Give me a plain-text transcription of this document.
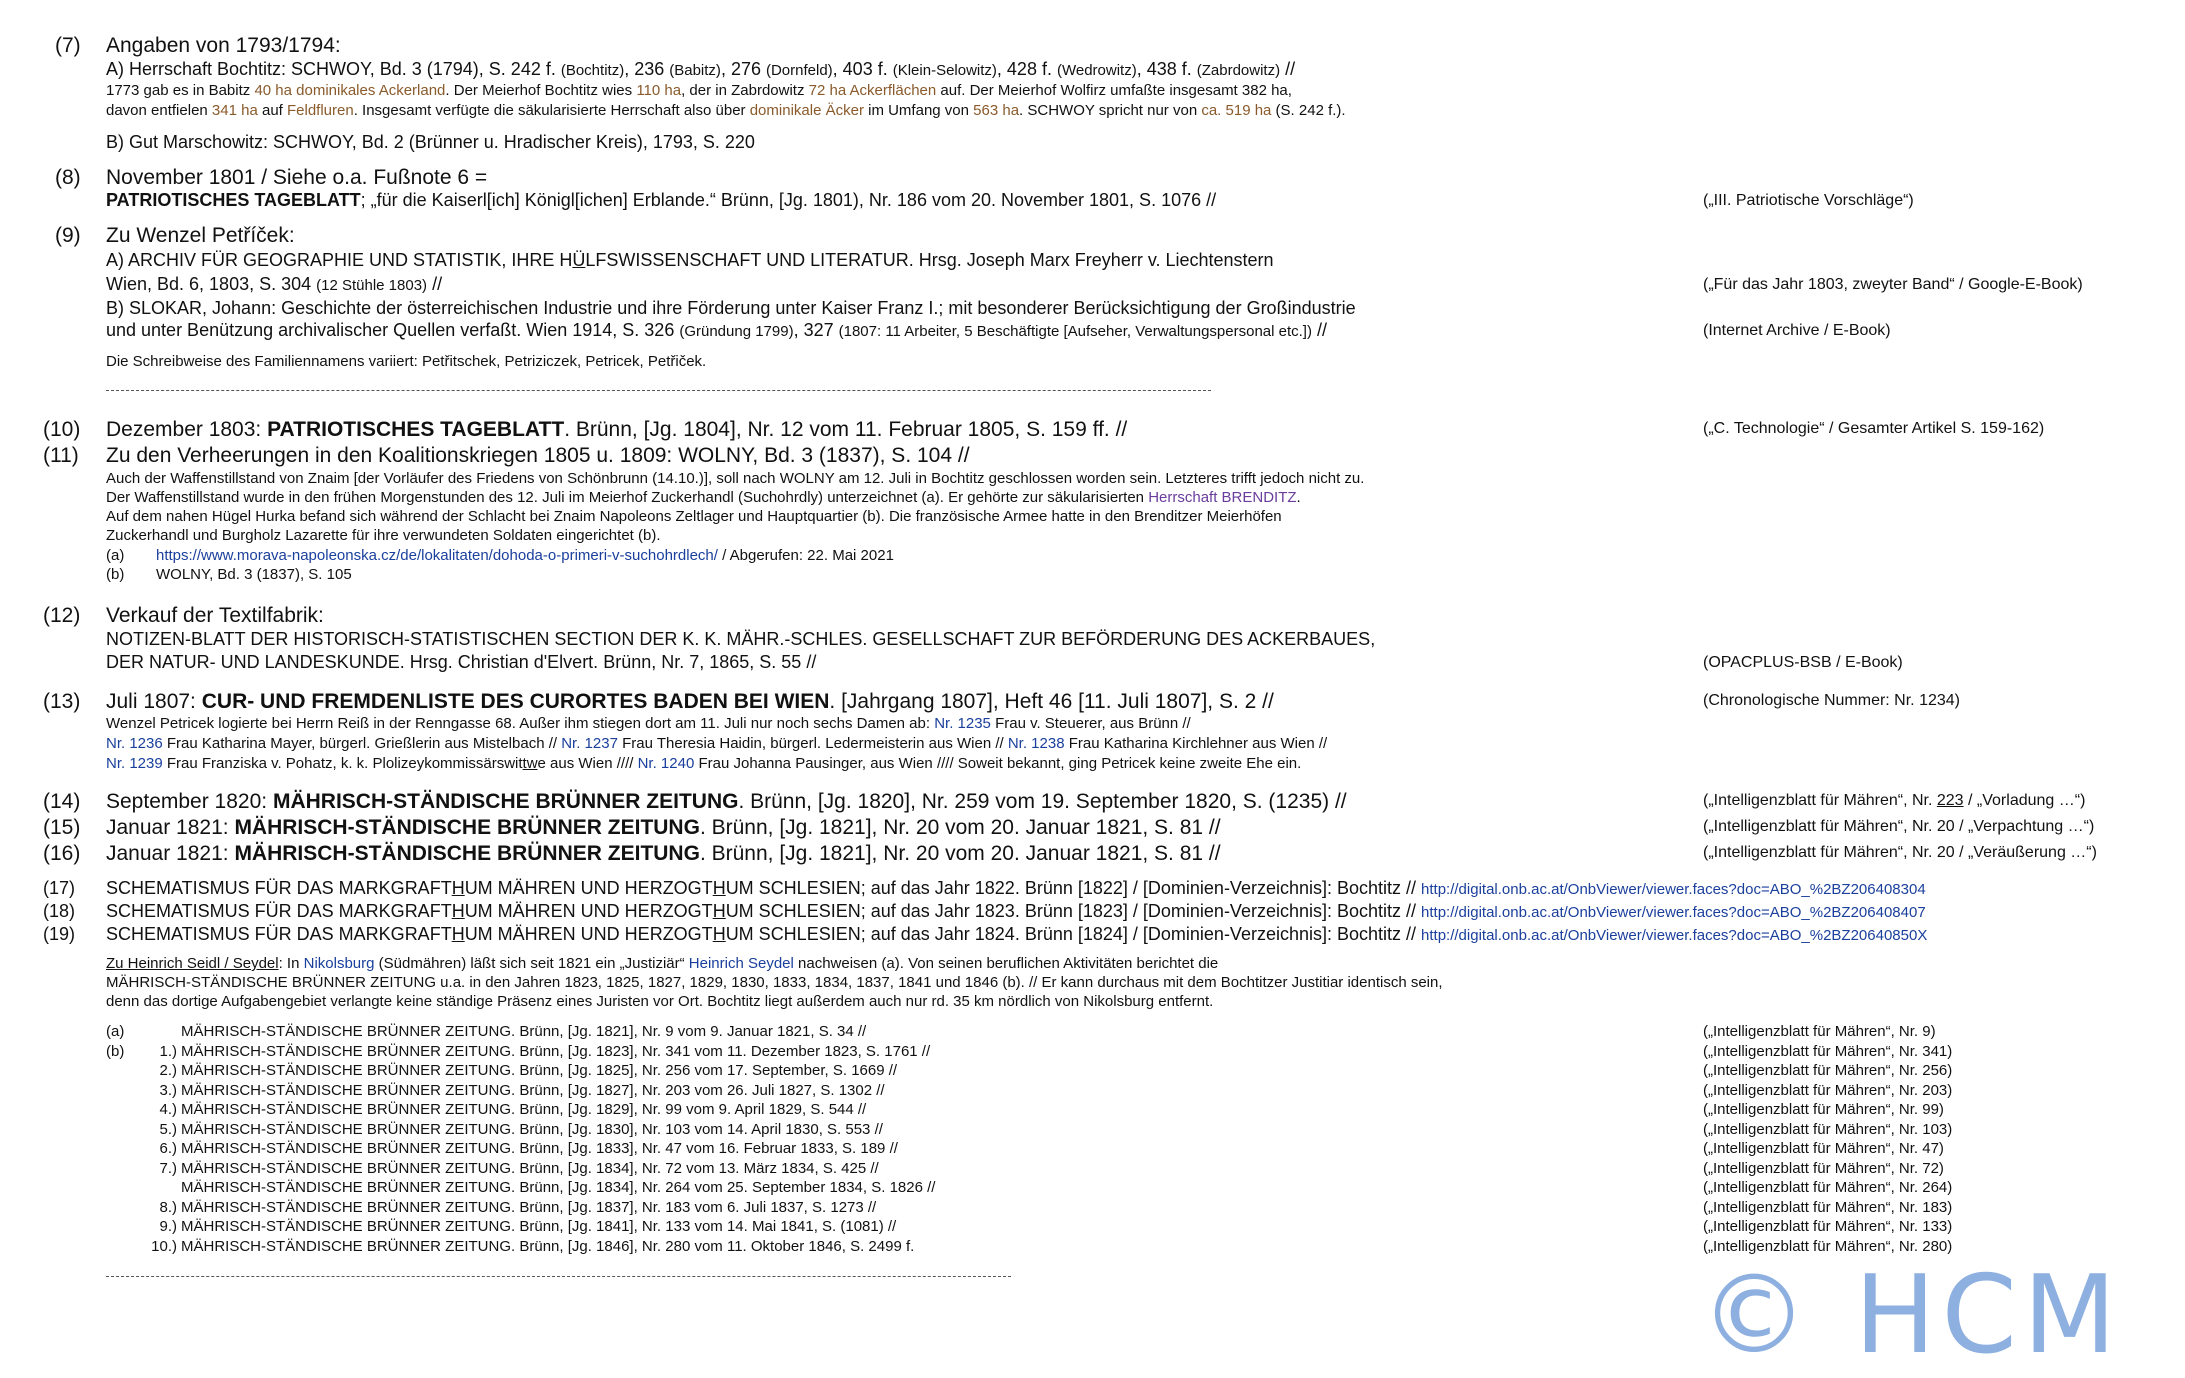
(7) Angaben von 1793/1794:
A) Herrschaft Bochtitz: SCHWOY, Bd. 3 (1794), S. 242 f. (Bochtitz), 236 (Babitz), 276 (Dornfeld), 403 f. (Klein-Selowitz), 428 f. (Wedrowitz), 438 f. (Zabrdowitz) //
1773 gab es in Babitz 40 ha dominikales Ackerland. Der Meierhof Bochtitz wies 110 ha, der in Zabrdowitz 72 ha Ackerflächen auf. Der Meierhof Wolfirz umfaßte insgesamt 382 ha,
davon entfielen 341 ha auf Feldfluren. Insgesamt verfügte die säkularisierte Herrschaft also über dominikale Äcker im Umfang von 563 ha. SCHWOY spricht nur von ca. 519 ha (S. 242 f.).
B) Gut Marschowitz: SCHWOY, Bd. 2 (Brünner u. Hradischer Kreis), 1793, S. 220
(8) November 1801 / Siehe o.a. Fußnote 6 =
PATRIOTISCHES TAGEBLATT; „für die Kaiserl[ich] Königl[ichen] Erblande.“ Brünn, [Jg. 1801), Nr. 186 vom 20. November 1801, S. 1076 //	(„III. Patriotische Vorschläge“)
(9) Zu Wenzel Petříček:
A) ARCHIV FÜR GEOGRAPHIE UND STATISTIK, IHRE HÜLFSWISSENSCHAFT UND LITERATUR. Hrsg. Joseph Marx Freyherr v. Liechtenstern
Wien, Bd. 6, 1803, S. 304 (12 Stühle 1803) //	(„Für das Jahr 1803, zweyter Band“ / Google-E-Book)
B) SLOKAR, Johann: Geschichte der österreichischen Industrie und ihre Förderung unter Kaiser Franz I.; mit besonderer Berücksichtigung der Großindustrie
und unter Benützung archivalischer Quellen verfaßt. Wien 1914, S. 326 (Gründung 1799), 327 (1807: 11 Arbeiter, 5 Beschäftigte [Aufseher, Verwaltungspersonal etc.]) //	(Internet Archive / E-Book)
Die Schreibweise des Familiennamens variiert: Petřitschek, Petriziczek, Petricek, Petřiček.
(10) Dezember 1803: PATRIOTISCHES TAGEBLATT. Brünn, [Jg. 1804], Nr. 12 vom 11. Februar 1805, S. 159 ff. //	(„C. Technologie“ / Gesamter Artikel S. 159-162)
(11) Zu den Verheerungen in den Koalitionskriegen 1805 u. 1809: WOLNY, Bd. 3 (1837), S. 104 //
Auch der Waffenstillstand von Znaim [der Vorläufer des Friedens von Schönbrunn (14.10.)], soll nach WOLNY am 12. Juli in Bochtitz geschlossen worden sein. Letzteres trifft jedoch nicht zu.
Der Waffenstillstand wurde in den frühen Morgenstunden des 12. Juli im Meierhof Zuckerhandl (Suchohrdly) unterzeichnet (a). Er gehörte zur säkularisierten Herrschaft BRENDITZ.
Auf dem nahen Hügel Hurka befand sich während der Schlacht bei Znaim Napoleons Zeltlager und Hauptquartier (b). Die französische Armee hatte in den Brenditzer Meierhöfen
Zuckerhandl und Burgholz Lazarette für ihre verwundeten Soldaten eingerichtet (b).
(a) https://www.morava-napoleonska.cz/de/lokalitaten/dohoda-o-primeri-v-suchohrdlech/ / Abgerufen: 22. Mai 2021
(b) WOLNY, Bd. 3 (1837), S. 105
(12) Verkauf der Textilfabrik:
NOTIZEN-BLATT DER HISTORISCH-STATISTISCHEN SECTION DER K. K. MÄHR.-SCHLES. GESELLSCHAFT ZUR BEFÖRDERUNG DES ACKERBAUES,
DER NATUR- UND LANDESKUNDE. Hrsg. Christian d'Elvert. Brünn, Nr. 7, 1865, S. 55 //	(OPACPLUS-BSB / E-Book)
(13) Juli 1807: CUR- UND FREMDENLISTE DES CURORTES BADEN BEI WIEN. [Jahrgang 1807], Heft 46 [11. Juli 1807], S. 2 //	(Chronologische Nummer: Nr. 1234)
Wenzel Petricek logierte bei Herrn Reiß in der Renngasse 68. Außer ihm stiegen dort am 11. Juli nur noch sechs Damen ab: Nr. 1235 Frau v. Steuerer, aus Brünn //
Nr. 1236 Frau Katharina Mayer, bürgerl. Grießlerin aus Mistelbach // Nr. 1237 Frau Theresia Haidin, bürgerl. Ledermeisterin aus Wien // Nr. 1238 Frau Katharina Kirchlehner aus Wien //
Nr. 1239 Frau Franziska v. Pohatz, k. k. Plolizeykommissärswittwe aus Wien //// Nr. 1240 Frau Johanna Pausinger, aus Wien //// Soweit bekannt, ging Petricek keine zweite Ehe ein.
(14) September 1820: MÄHRISCH-STÄNDISCHE BRÜNNER ZEITUNG. Brünn, [Jg. 1820], Nr. 259 vom 19. September 1820, S. (1235) //	(„Intelligenzblatt für Mähren“, Nr. 223 / „Vorladung …“)
(15) Januar 1821: MÄHRISCH-STÄNDISCHE BRÜNNER ZEITUNG. Brünn, [Jg. 1821], Nr. 20 vom 20. Januar 1821, S. 81 //	(„Intelligenzblatt für Mähren“, Nr. 20 / „Verpachtung …“)
(16) Januar 1821: MÄHRISCH-STÄNDISCHE BRÜNNER ZEITUNG. Brünn, [Jg. 1821], Nr. 20 vom 20. Januar 1821, S. 81 //	(„Intelligenzblatt für Mähren“, Nr. 20 / „Veräußerung …“)
(17) SCHEMATISMUS FÜR DAS MARKGRAFTHUM MÄHREN UND HERZOGTHUM SCHLESIEN; auf das Jahr 1822. Brünn [1822] / [Dominien-Verzeichnis]: Bochtitz // http://digital.onb.ac.at/OnbViewer/viewer.faces?doc=ABO_%2BZ206408304
(18) SCHEMATISMUS FÜR DAS MARKGRAFTHUM MÄHREN UND HERZOGTHUM SCHLESIEN; auf das Jahr 1823. Brünn [1823] / [Dominien-Verzeichnis]: Bochtitz // http://digital.onb.ac.at/OnbViewer/viewer.faces?doc=ABO_%2BZ206408407
(19) SCHEMATISMUS FÜR DAS MARKGRAFTHUM MÄHREN UND HERZOGTHUM SCHLESIEN; auf das Jahr 1824. Brünn [1824] / [Dominien-Verzeichnis]: Bochtitz // http://digital.onb.ac.at/OnbViewer/viewer.faces?doc=ABO_%2BZ20640850X
Zu Heinrich Seidl / Seydel: In Nikolsburg (Südmähren) läßt sich seit 1821 ein „Justiziär“ Heinrich Seydel nachweisen (a). Von seinen beruflichen Aktivitäten berichtet die
MÄHRISCH-STÄNDISCHE BRÜNNER ZEITUNG u.a. in den Jahren 1823, 1825, 1827, 1829, 1830, 1833, 1834, 1837, 1841 und 1846 (b). // Er kann durchaus mit dem Bochtitzer Justitiar identisch sein,
denn das dortige Aufgabengebiet verlangte keine ständige Präsenz eines Juristen vor Ort. Bochtitz liegt außerdem auch nur rd. 35 km nördlich von Nikolsburg entfernt.
(a)	MÄHRISCH-STÄNDISCHE BRÜNNER ZEITUNG. Brünn, [Jg. 1821], Nr. 9 vom 9. Januar 1821, S. 34 //	(„Intelligenzblatt für Mähren“, Nr. 9)
(b)	1.) MÄHRISCH-STÄNDISCHE BRÜNNER ZEITUNG. Brünn, [Jg. 1823], Nr. 341 vom 11. Dezember 1823, S. 1761 //	(„Intelligenzblatt für Mähren“, Nr. 341)
2.) MÄHRISCH-STÄNDISCHE BRÜNNER ZEITUNG. Brünn, [Jg. 1825], Nr. 256 vom 17. September, S. 1669 //	(„Intelligenzblatt für Mähren“, Nr. 256)
3.) MÄHRISCH-STÄNDISCHE BRÜNNER ZEITUNG. Brünn, [Jg. 1827], Nr. 203 vom 26. Juli 1827, S. 1302 //	(„Intelligenzblatt für Mähren“, Nr. 203)
4.) MÄHRISCH-STÄNDISCHE BRÜNNER ZEITUNG. Brünn, [Jg. 1829], Nr. 99 vom 9. April 1829, S. 544 //	(„Intelligenzblatt für Mähren“, Nr. 99)
5.) MÄHRISCH-STÄNDISCHE BRÜNNER ZEITUNG. Brünn, [Jg. 1830], Nr. 103 vom 14. April 1830, S. 553 //	(„Intelligenzblatt für Mähren“, Nr. 103)
6.) MÄHRISCH-STÄNDISCHE BRÜNNER ZEITUNG. Brünn, [Jg. 1833], Nr. 47 vom 16. Februar 1833, S. 189 //	(„Intelligenzblatt für Mähren“, Nr. 47)
7.) MÄHRISCH-STÄNDISCHE BRÜNNER ZEITUNG. Brünn, [Jg. 1834], Nr. 72 vom 13. März 1834, S. 425 //	(„Intelligenzblatt für Mähren“, Nr. 72)
MÄHRISCH-STÄNDISCHE BRÜNNER ZEITUNG. Brünn, [Jg. 1834], Nr. 264 vom 25. September 1834, S. 1826 //	(„Intelligenzblatt für Mähren“, Nr. 264)
8.) MÄHRISCH-STÄNDISCHE BRÜNNER ZEITUNG. Brünn, [Jg. 1837], Nr. 183 vom 6. Juli 1837, S. 1273 //	(„Intelligenzblatt für Mähren“, Nr. 183)
9.) MÄHRISCH-STÄNDISCHE BRÜNNER ZEITUNG. Brünn, [Jg. 1841], Nr. 133 vom 14. Mai 1841, S. (1081) //	(„Intelligenzblatt für Mähren“, Nr. 133)
10.) MÄHRISCH-STÄNDISCHE BRÜNNER ZEITUNG. Brünn, [Jg. 1846], Nr. 280 vom 11. Oktober 1846, S. 2499 f.	(„Intelligenzblatt für Mähren“, Nr. 280)
© HCM
